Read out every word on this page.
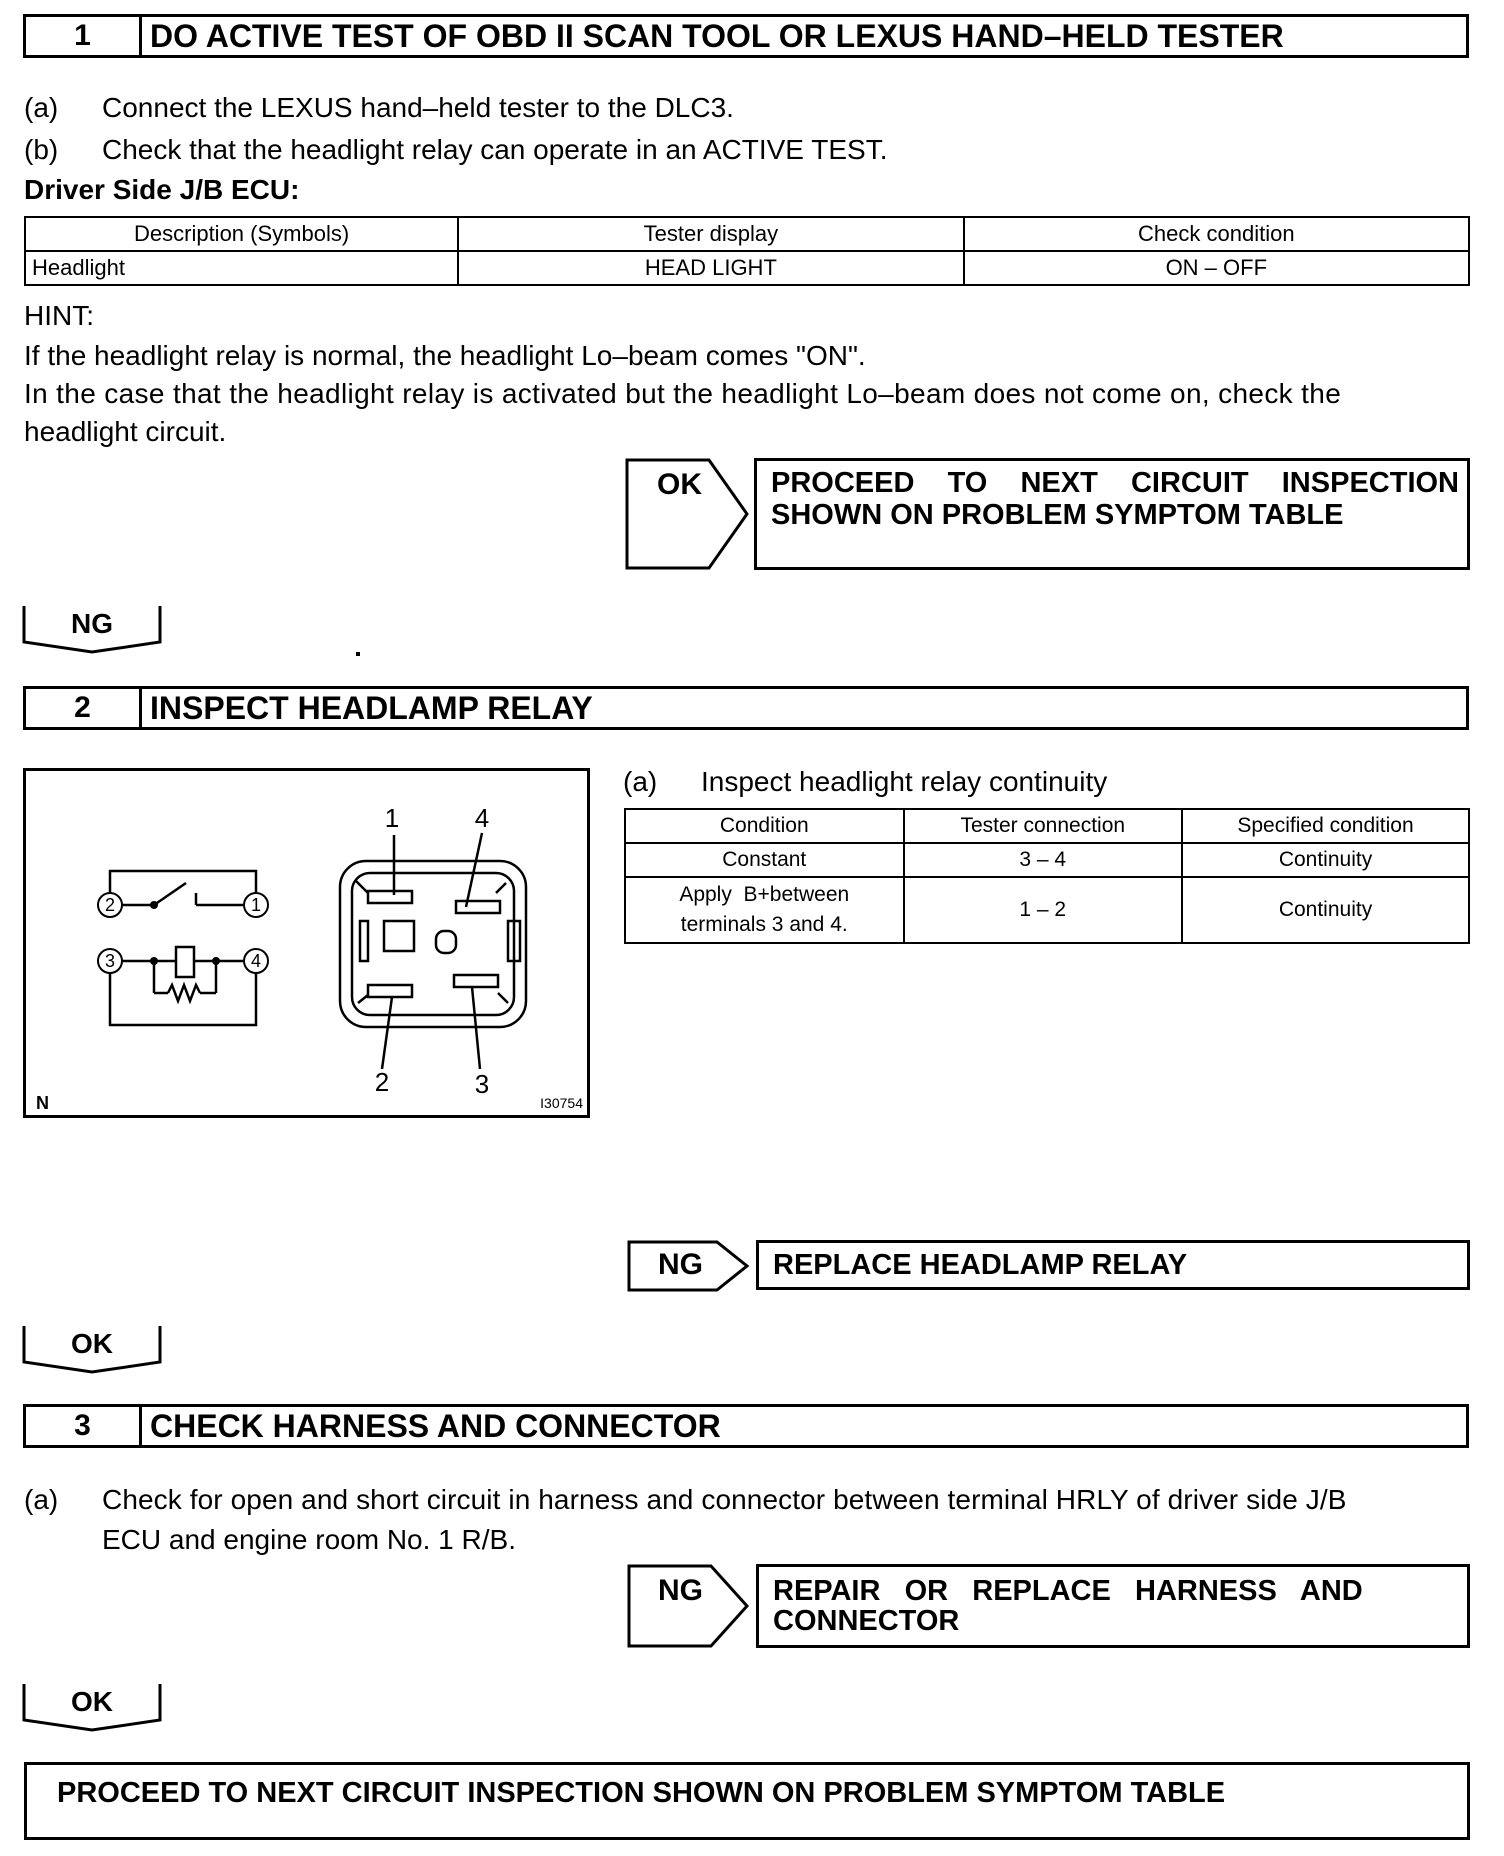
1	DO ACTIVE TEST OF OBD II SCAN TOOL OR LEXUS HAND–HELD TESTER
(a) Connect the LEXUS hand–held tester to the DLC3.
(b) Check that the headlight relay can operate in an ACTIVE TEST.
Driver Side J/B ECU:
Description (Symbols)	Tester display	Check condition
Headlight	HEAD LIGHT	ON – OFF
HINT:
If the headlight relay is normal, the headlight Lo–beam comes "ON".
In the case that the headlight relay is activated but the headlight Lo–beam does not come on, check the
headlight circuit.
OK PROCEED TO NEXT CIRCUIT INSPECTION
SHOWN ON PROBLEM SYMPTOM TABLE
NG
2	INSPECT HEADLAMP RELAY
2	1
3	4
1	4
2	3
N	I30754
(a) Inspect headlight relay continuity
Condition	Tester connection	Specified condition
Constant	3 – 4	Continuity

Apply  B+between
terminals 3 and 4.	1 – 2	Continuity
NG REPLACE HEADLAMP RELAY
OK
3	CHECK HARNESS AND CONNECTOR
(a) Check for open and short circuit in harness and connector between terminal HRLY of driver side J/B
ECU and engine room No. 1 R/B.
NG REPAIR   OR   REPLACE   HARNESS   AND
CONNECTOR
OK
PROCEED TO NEXT CIRCUIT INSPECTION SHOWN ON PROBLEM SYMPTOM TABLE
